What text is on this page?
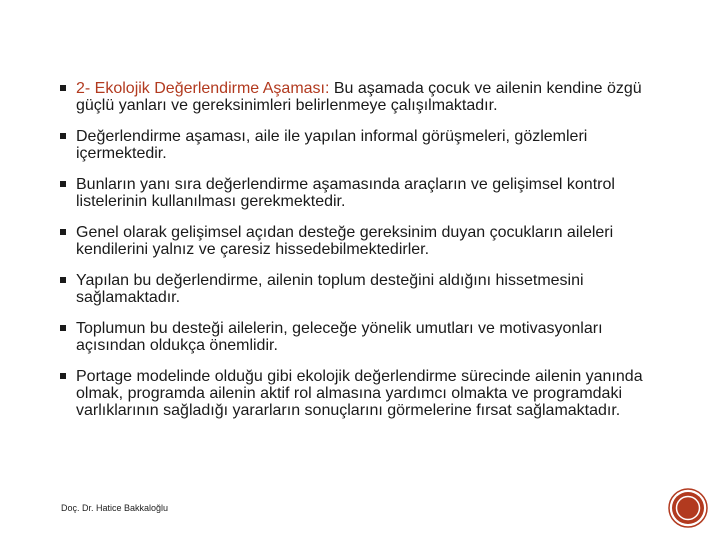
2- Ekolojik Değerlendirme Aşaması: Bu aşamada çocuk ve ailenin kendine özgü güçlü yanları ve gereksinimleri belirlenmeye çalışılmaktadır.
Değerlendirme aşaması, aile ile yapılan informal görüşmeleri, gözlemleri içermektedir.
Bunların yanı sıra değerlendirme aşamasında araçların ve gelişimsel kontrol listelerinin kullanılması gerekmektedir.
Genel olarak gelişimsel açıdan desteğe gereksinim duyan çocukların aileleri kendilerini yalnız ve çaresiz hissedebilmektedirler.
Yapılan bu değerlendirme, ailenin toplum desteğini aldığını hissetmesini sağlamaktadır.
Toplumun bu desteği ailelerin, geleceğe yönelik umutları ve motivasyonları açısından oldukça önemlidir.
Portage modelinde olduğu gibi ekolojik değerlendirme sürecinde ailenin yanında olmak, programda ailenin aktif rol almasına yardımcı olmakta ve programdaki varlıklarının sağladığı yararların sonuçlarını görmelerine fırsat sağlamaktadır.
Doç. Dr. Hatice Bakkaloğlu
